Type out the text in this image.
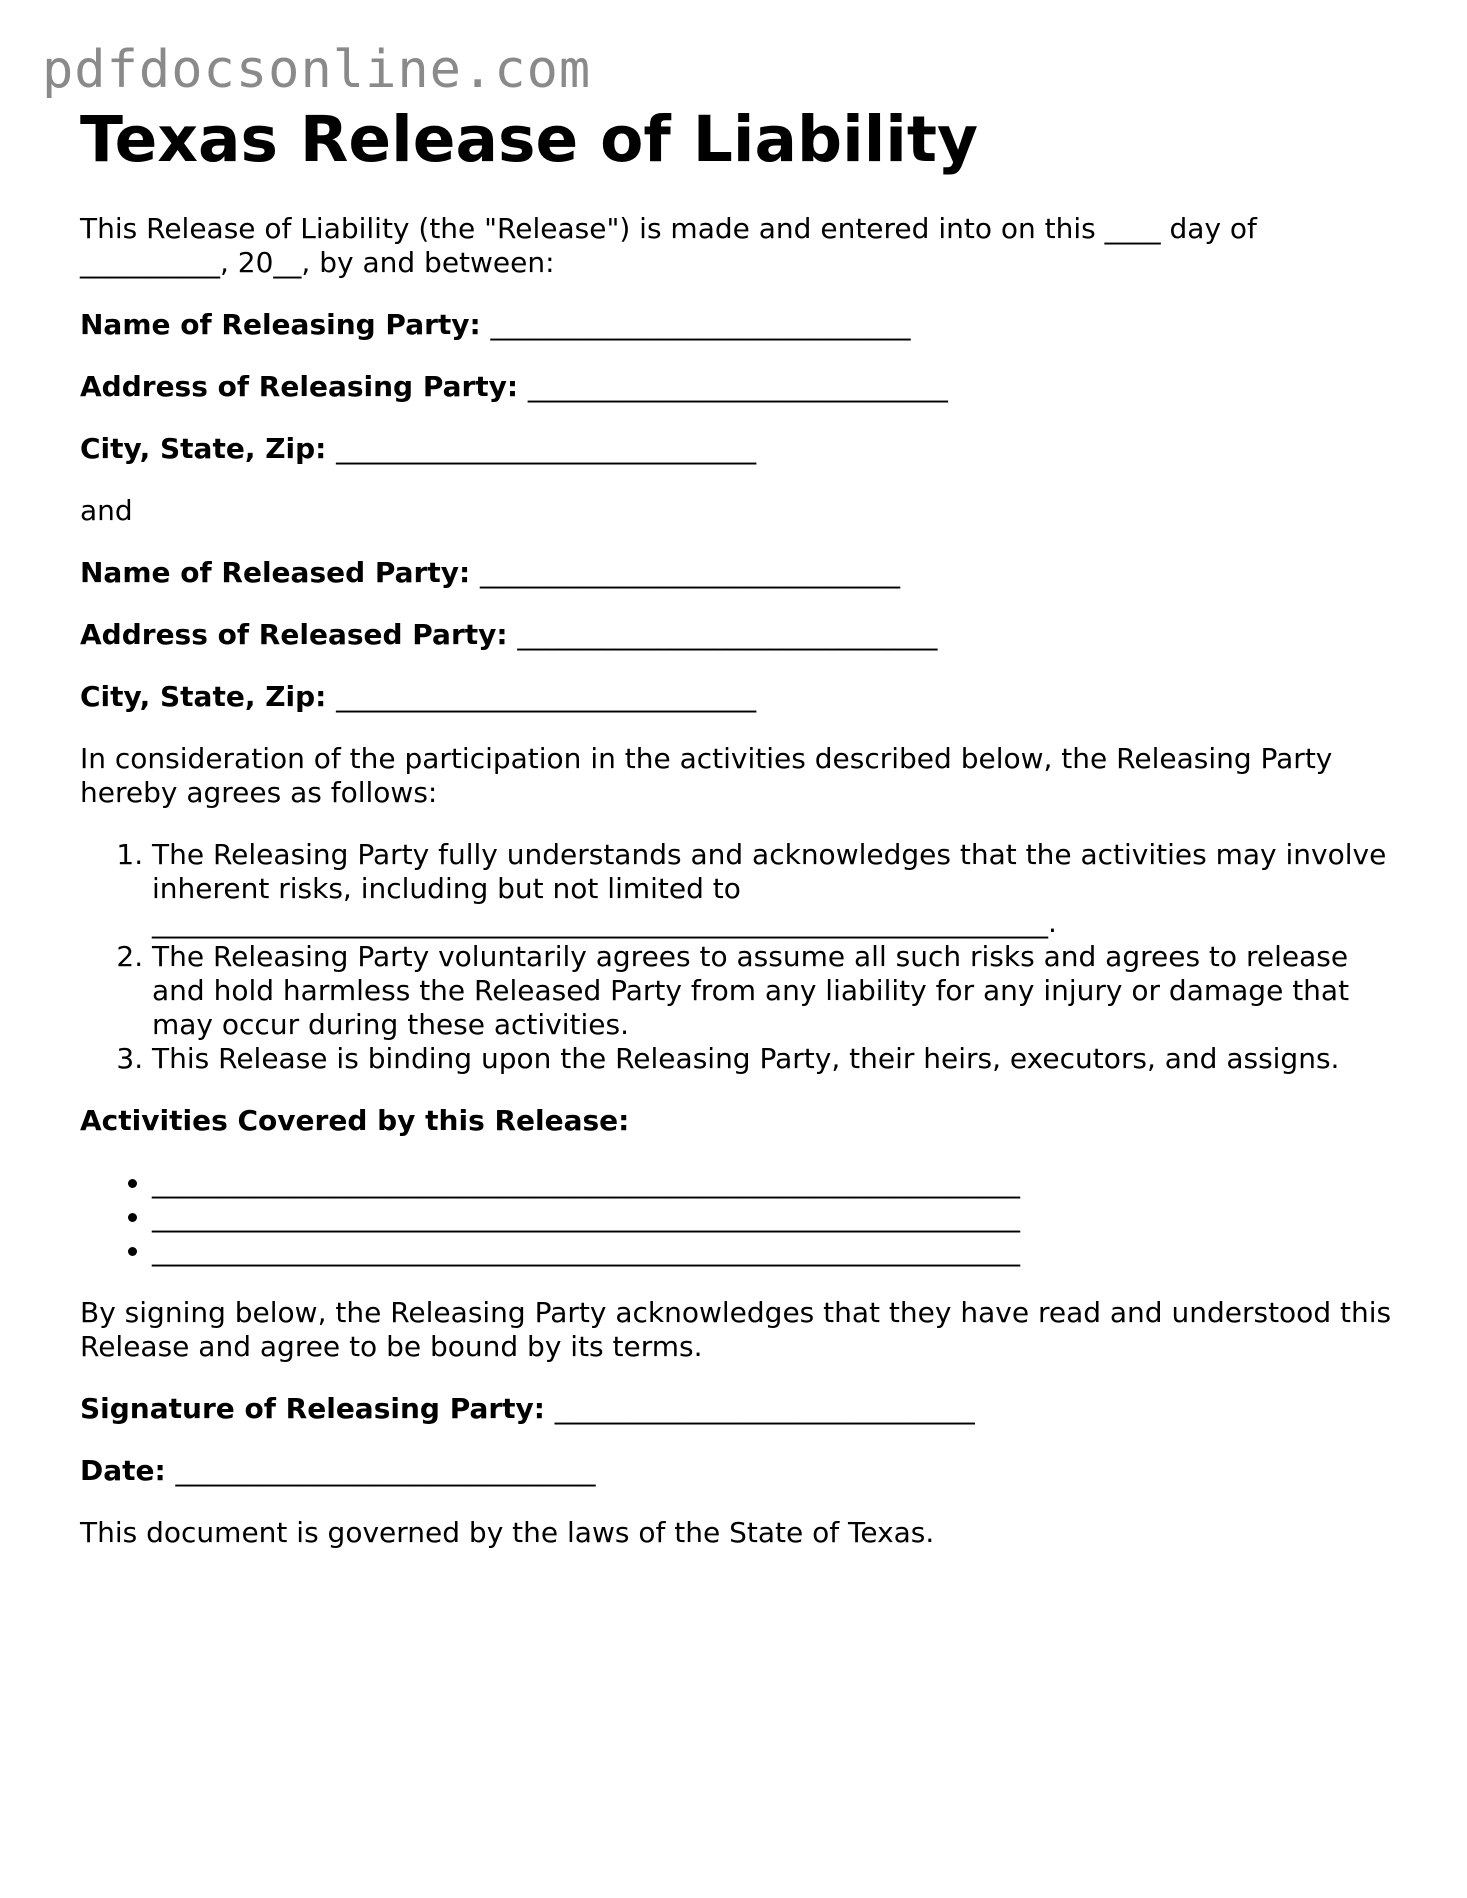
pdfdocsonline.com
Texas Release of Liability

This Release of Liability (the "Release") is made and entered into on this ____ day of __________, 20__, by and between:

Name of Releasing Party: ______________________________

Address of Releasing Party: ______________________________

City, State, Zip: ______________________________

and

Name of Released Party: ______________________________

Address of Released Party: ______________________________

City, State, Zip: ______________________________

In consideration of the participation in the activities described below, the Releasing Party hereby agrees as follows:

1. The Releasing Party fully understands and acknowledges that the activities may involve inherent risks, including but not limited to ________________________________________________________________.
2. The Releasing Party voluntarily agrees to assume all such risks and agrees to release and hold harmless the Released Party from any liability for any injury or damage that may occur during these activities.
3. This Release is binding upon the Releasing Party, their heirs, executors, and assigns.

Activities Covered by this Release:

• ______________________________________________________________
• ______________________________________________________________
• ______________________________________________________________

By signing below, the Releasing Party acknowledges that they have read and understood this Release and agree to be bound by its terms.

Signature of Releasing Party: ______________________________

Date: ______________________________

This document is governed by the laws of the State of Texas.
